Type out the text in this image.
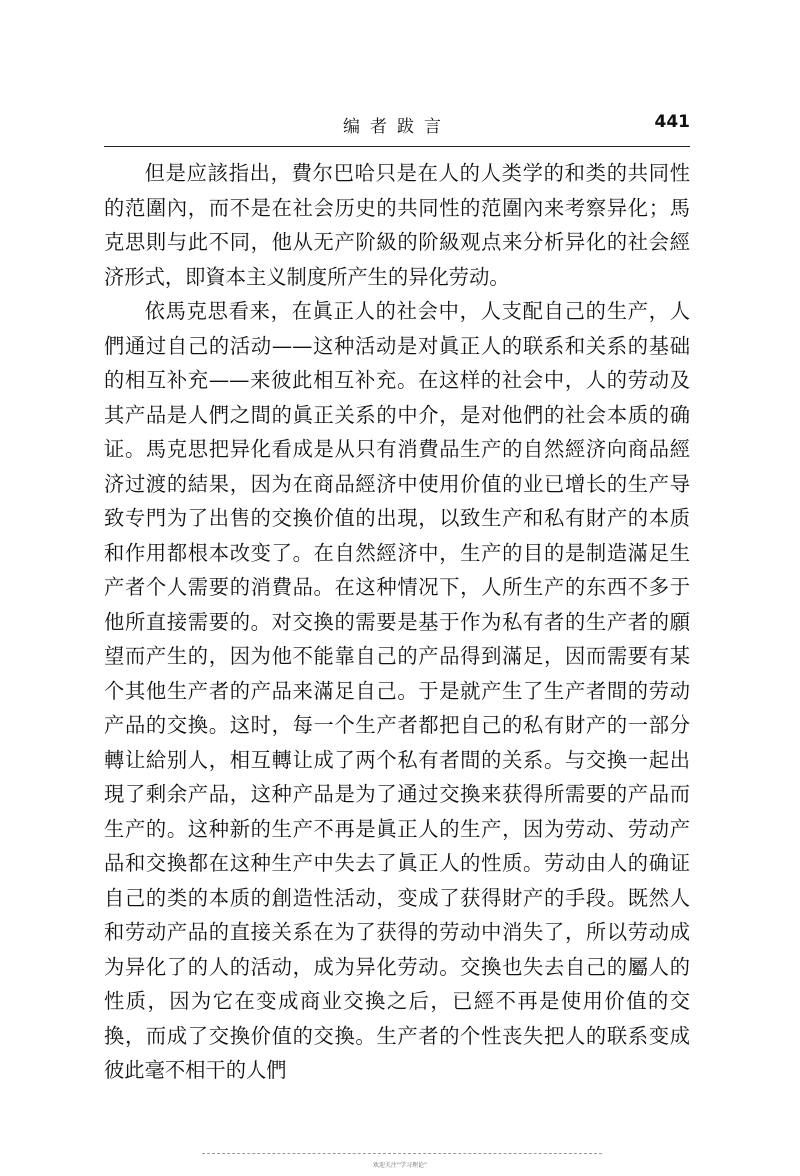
编者跋言	441

但是应該指出，費尔巴哈只是在人的人类学的和类的共同性的范圍內，而不是在社会历史的共同性的范圍內来考察异化；馬克思則与此不同，他从无产阶級的阶級观点来分析异化的社会經济形式，即資本主义制度所产生的异化劳动。

依馬克思看来，在眞正人的社会中，人支配自己的生产，人們通过自己的活动——这种活动是对眞正人的联系和关系的基础的相互补充——来彼此相互补充。在这样的社会中，人的劳动及其产品是人們之間的眞正关系的中介，是对他們的社会本质的确证。馬克思把异化看成是从只有消費品生产的自然經济向商品經济过渡的結果，因为在商品經济中使用价值的业已增长的生产导致专門为了出售的交換价值的出現，以致生产和私有財产的本质和作用都根本改变了。在自然經济中，生产的目的是制造滿足生产者个人需要的消費品。在这种情况下，人所生产的东西不多于他所直接需要的。对交換的需要是基于作为私有者的生产者的願望而产生的，因为他不能靠自己的产品得到滿足，因而需要有某个其他生产者的产品来滿足自己。于是就产生了生产者間的劳动产品的交換。这时，每一个生产者都把自己的私有財产的一部分轉让給别人，相互轉让成了两个私有者間的关系。与交換一起出現了剩余产品，这种产品是为了通过交換来获得所需要的产品而生产的。这种新的生产不再是眞正人的生产，因为劳动、劳动产品和交換都在这种生产中失去了眞正人的性质。劳动由人的确证自己的类的本质的創造性活动，变成了获得財产的手段。既然人和劳动产品的直接关系在为了获得的劳动中消失了，所以劳动成为异化了的人的活动，成为异化劳动。交換也失去自己的屬人的性质，因为它在变成商业交換之后，已經不再是使用价值的交換，而成了交換价值的交換。生产者的个性丧失把人的联系变成彼此毫不相干的人們

欢迎关注“学习理论”
